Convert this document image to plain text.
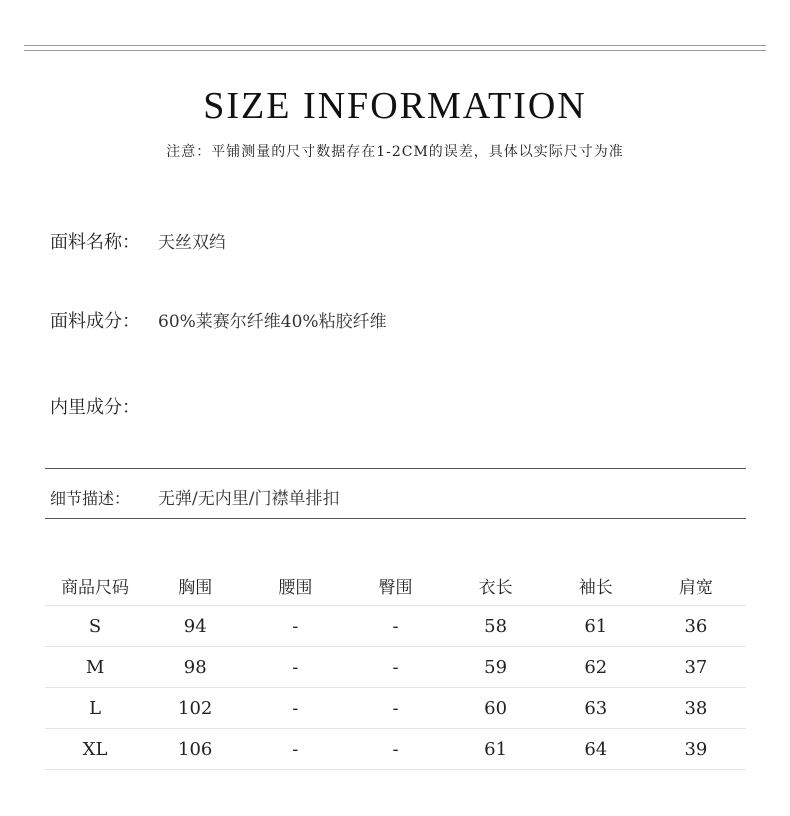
SIZE INFORMATION
注意：平铺测量的尺寸数据存在1-2CM的误差，具体以实际尺寸为准
面料名称： 天丝双绉
面料成分： 60%莱赛尔纤维40%粘胶纤维
内里成分：
细节描述： 无弹/无内里/门襟单排扣
商品尺码	胸围	腰围	臀围	衣长	袖长	肩宽
S	94	-	-	58	61	36
M	98	-	-	59	62	37
L	102	-	-	60	63	38
XL	106	-	-	61	64	39
